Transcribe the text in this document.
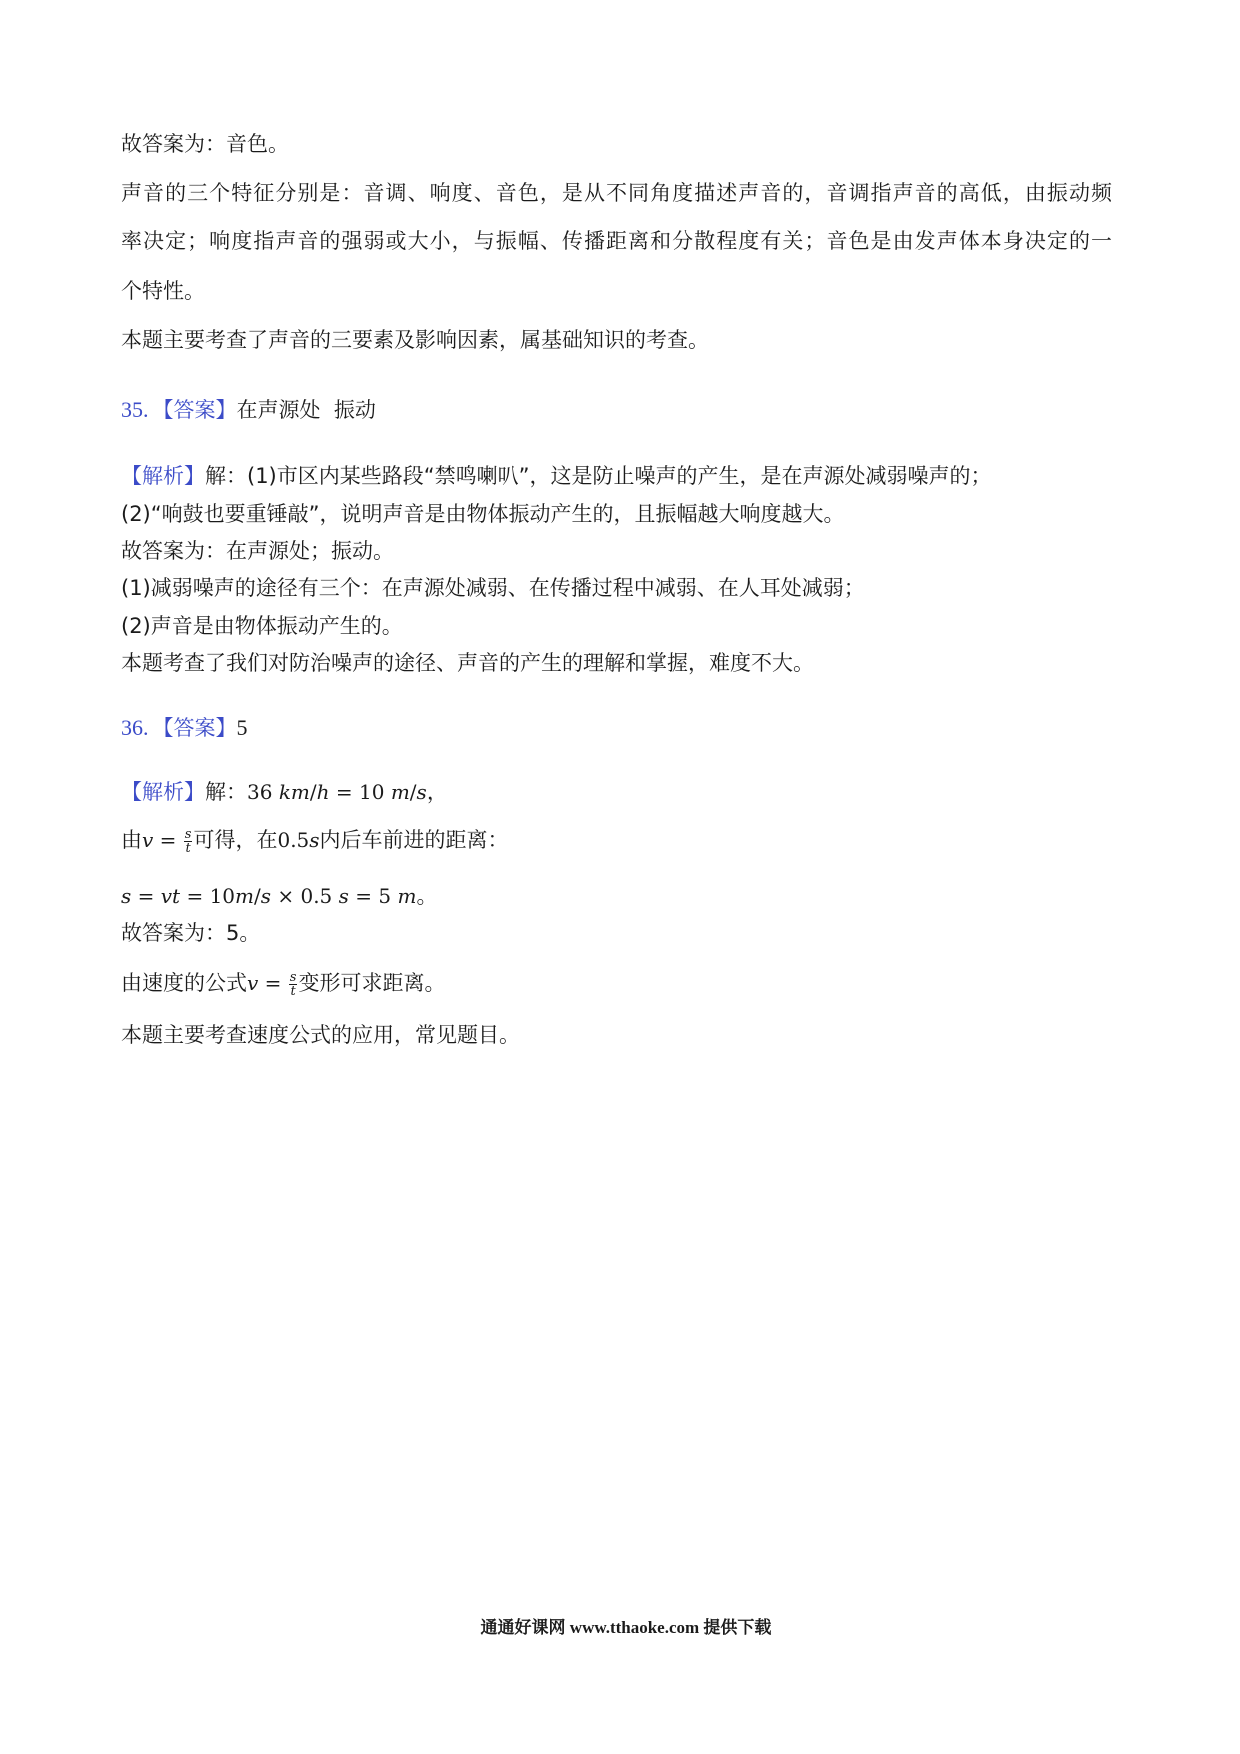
故答案为：音色。
声音的三个特征分别是：音调、响度、音色，是从不同角度描述声音的，音调指声音的高低，由振动频
率决定；响度指声音的强弱或大小，与振幅、传播距离和分散程度有关；音色是由发声体本身决定的一
个特性。
本题主要考查了声音的三要素及影响因素，属基础知识的考查。
35. 【答案】在声源处  振动
【解析】解：(1)市区内某些路段“禁鸣喇叭”，这是防止噪声的产生，是在声源处减弱噪声的；
(2)“响鼓也要重锤敲”，说明声音是由物体振动产生的，且振幅越大响度越大。
故答案为：在声源处；振动。
(1)减弱噪声的途径有三个：在声源处减弱、在传播过程中减弱、在人耳处减弱；
(2)声音是由物体振动产生的。
本题考查了我们对防治噪声的途径、声音的产生的理解和掌握，难度不大。
36. 【答案】5
【解析】解：36 km/h = 10 m/s，
由$v = \frac{s}{t}$ 可得，在0.5s内后车前进的距离：
s = vt = 10m/s × 0.5 s = 5 m。
故答案为：5。
由速度的公式$v = \frac{s}{t}$ 变形可求距离。
本题主要考查速度公式的应用，常见题目。
通通好课网 www.tthaoke.com 提供下载
